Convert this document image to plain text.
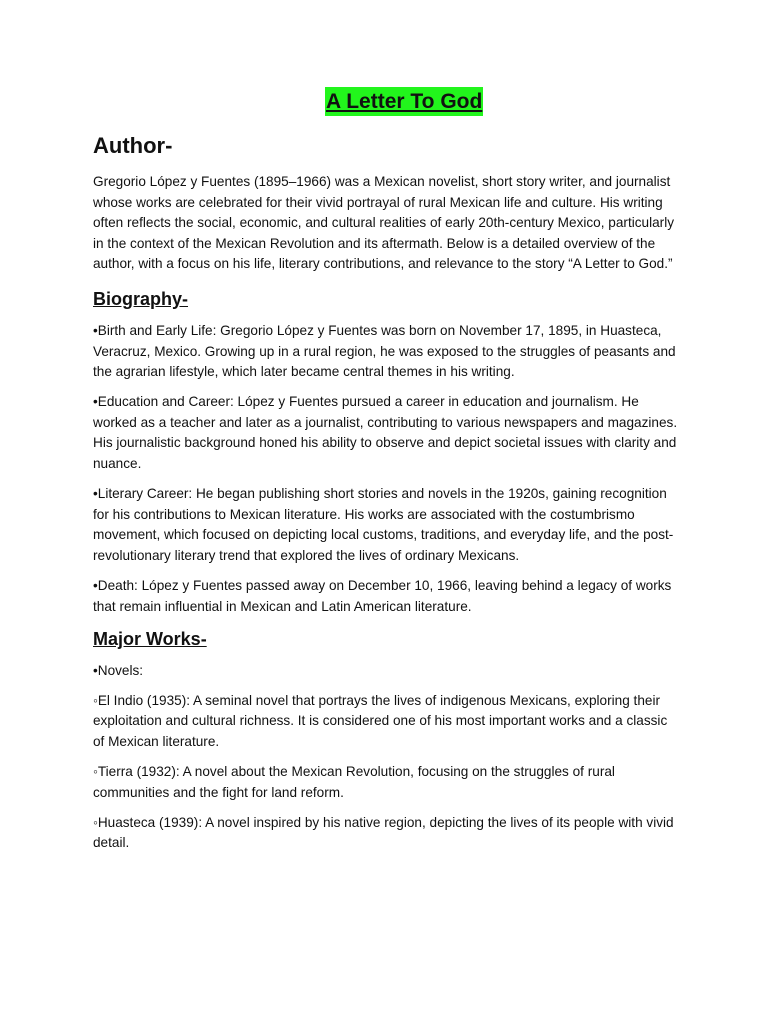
A Letter To God
Author-

Gregorio López y Fuentes (1895–1966) was a Mexican novelist, short story writer, and journalist whose works are celebrated for their vivid portrayal of rural Mexican life and culture. His writing often reflects the social, economic, and cultural realities of early 20th-century Mexico, particularly in the context of the Mexican Revolution and its aftermath. Below is a detailed overview of the author, with a focus on his life, literary contributions, and relevance to the story “A Letter to God.”

Biography-

•Birth and Early Life: Gregorio López y Fuentes was born on November 17, 1895, in Huasteca, Veracruz, Mexico. Growing up in a rural region, he was exposed to the struggles of peasants and the agrarian lifestyle, which later became central themes in his writing.

•Education and Career: López y Fuentes pursued a career in education and journalism. He worked as a teacher and later as a journalist, contributing to various newspapers and magazines. His journalistic background honed his ability to observe and depict societal issues with clarity and nuance.

•Literary Career: He began publishing short stories and novels in the 1920s, gaining recognition for his contributions to Mexican literature. His works are associated with the costumbrismo movement, which focused on depicting local customs, traditions, and everyday life, and the post-revolutionary literary trend that explored the lives of ordinary Mexicans.

•Death: López y Fuentes passed away on December 10, 1966, leaving behind a legacy of works that remain influential in Mexican and Latin American literature.

Major Works-

•Novels:

◦El Indio (1935): A seminal novel that portrays the lives of indigenous Mexicans, exploring their exploitation and cultural richness. It is considered one of his most important works and a classic of Mexican literature.

◦Tierra (1932): A novel about the Mexican Revolution, focusing on the struggles of rural communities and the fight for land reform.

◦Huasteca (1939): A novel inspired by his native region, depicting the lives of its people with vivid detail.
